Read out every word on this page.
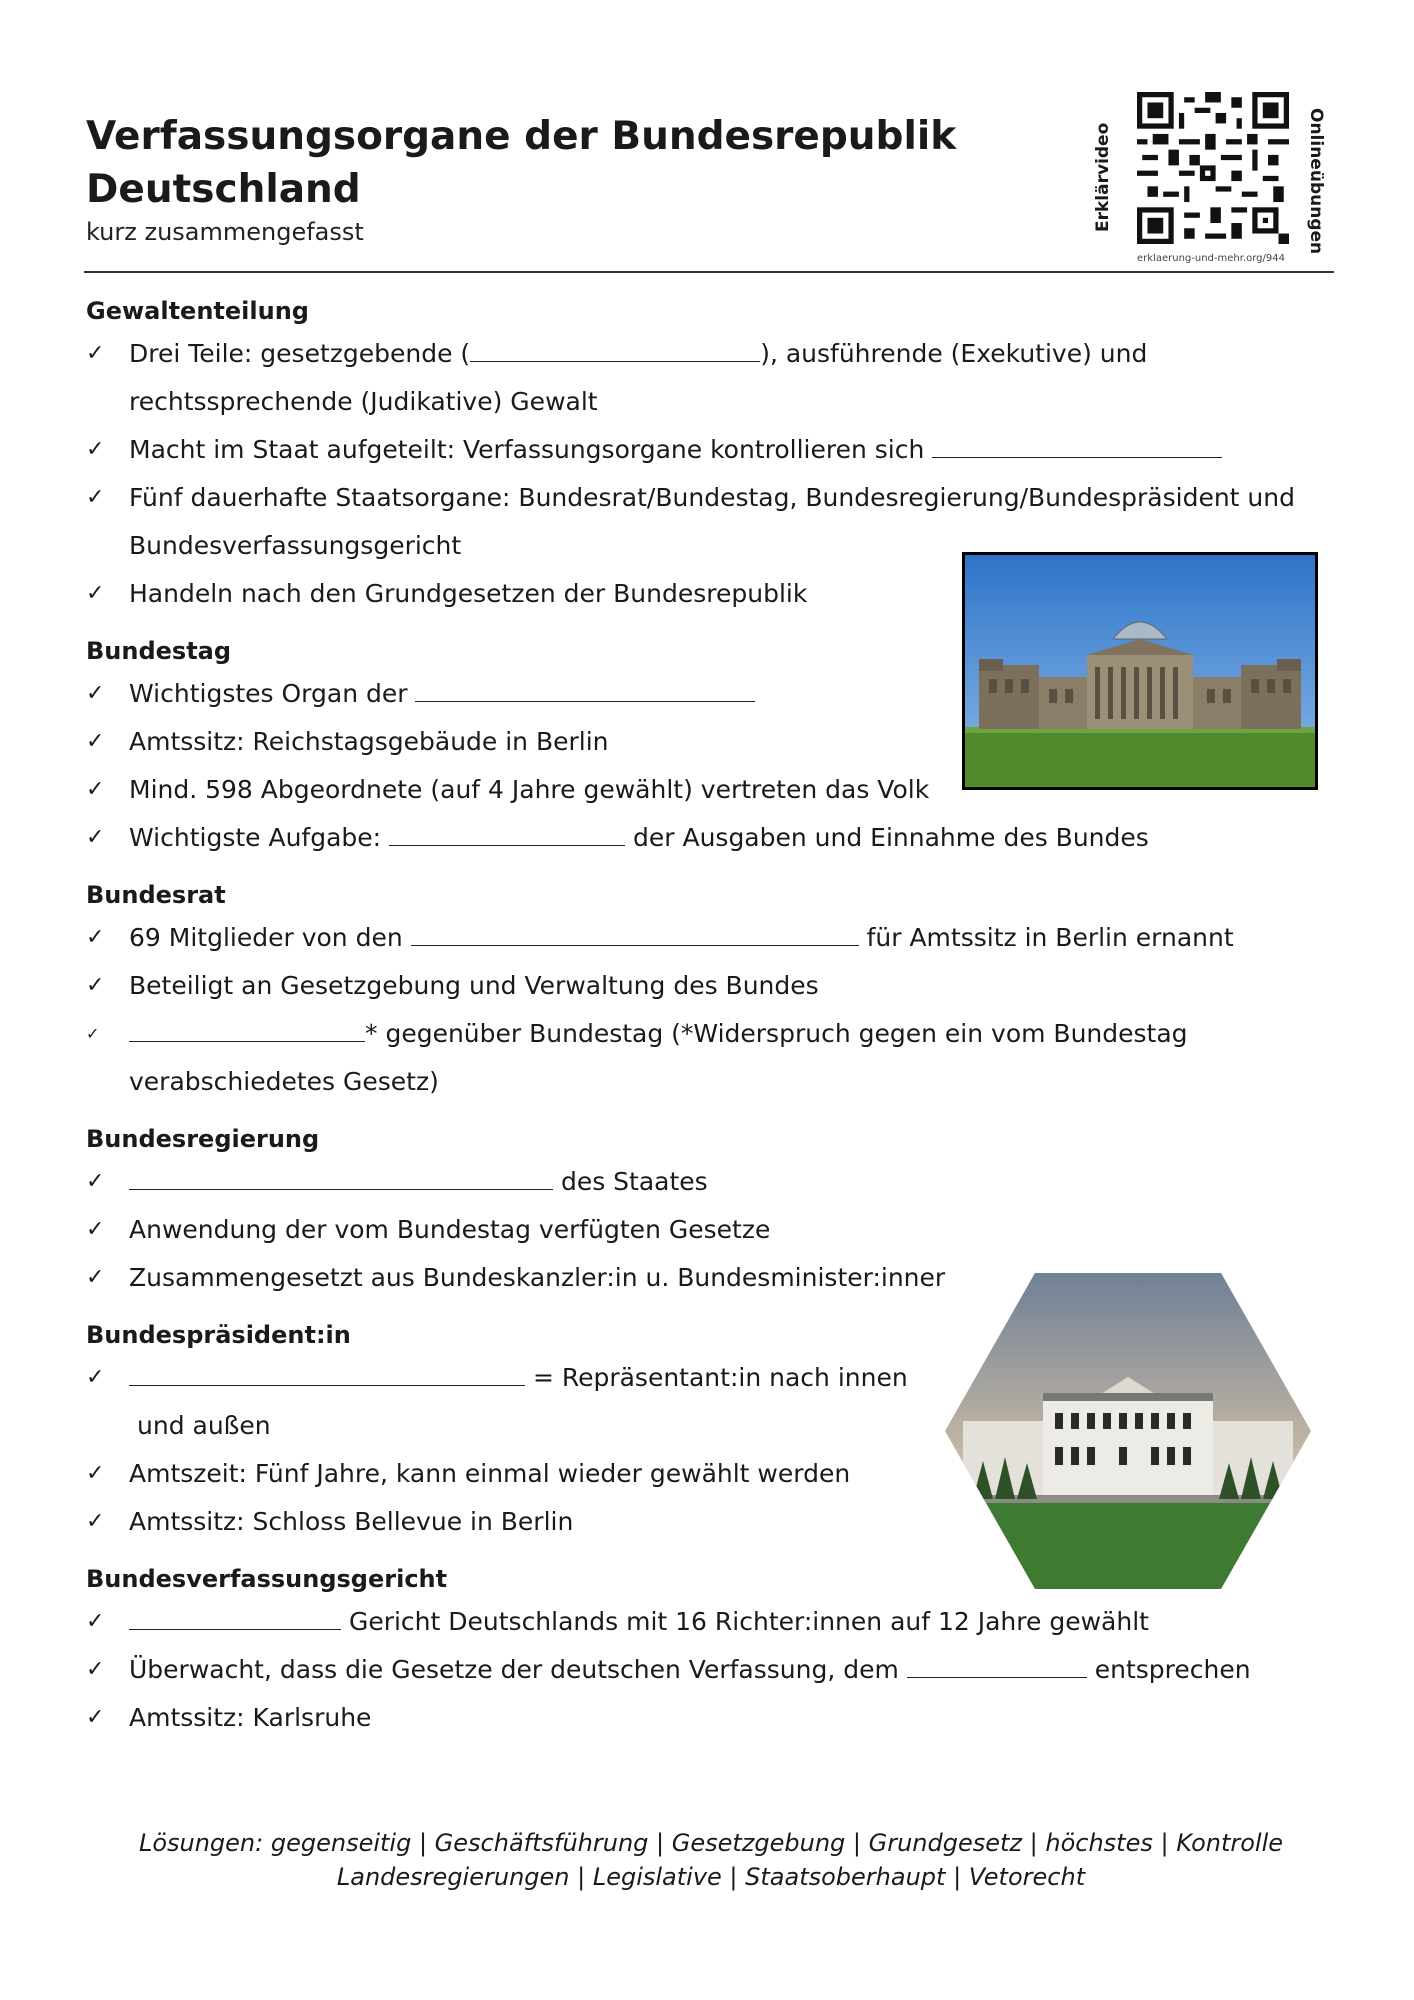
Verfassungsorgane der Bundesrepublik Deutschland
kurz zusammengefasst	Erklärvideo	Onlineübungen
erklaerung-und-mehr.org/944

Gewaltenteilung

✓ Drei Teile: gesetzgebende (	), ausführende (Exekutive) und

rechtssprechende (Judikative) Gewalt

✓ Macht im Staat aufgeteilt: Verfassungsorgane kontrollieren sich

✓ Fünf dauerhafte Staatsorgane: Bundesrat/Bundestag, Bundesregierung/Bundespräsident und

Bundesverfassungsgericht

✓ Handeln nach den Grundgesetzen der Bundesrepublik

Bundestag

✓ Wichtigstes Organ der

✓ Amtssitz: Reichstagsgebäude in Berlin

✓ Mind. 598 Abgeordnete (auf 4 Jahre gewählt) vertreten das Volk

✓ Wichtigste Aufgabe:	der Ausgaben und Einnahme des Bundes

Bundesrat

✓ 69 Mitglieder von den	für Amtssitz in Berlin ernannt

✓ Beteiligt an Gesetzgebung und Verwaltung des Bundes

✓	* gegenüber Bundestag (*Widerspruch gegen ein vom Bundestag

verabschiedetes Gesetz)

Bundesregierung

✓	des Staates

✓ Anwendung der vom Bundestag verfügten Gesetze

✓ Zusammengesetzt aus Bundeskanzler:in u. Bundesminister:inner

Bundespräsident:in

✓	= Repräsentant:in nach innen

und außen

✓ Amtszeit: Fünf Jahre, kann einmal wieder gewählt werden

✓ Amtssitz: Schloss Bellevue in Berlin

Bundesverfassungsgericht

✓	Gericht Deutschlands mit 16 Richter:innen auf 12 Jahre gewählt

✓ Überwacht, dass die Gesetze der deutschen Verfassung, dem	entsprechen

✓ Amtssitz: Karlsruhe

Lösungen: gegenseitig | Geschäftsführung | Gesetzgebung | Grundgesetz | höchstes | Kontrolle
Landesregierungen | Legislative | Staatsoberhaupt | Vetorecht
